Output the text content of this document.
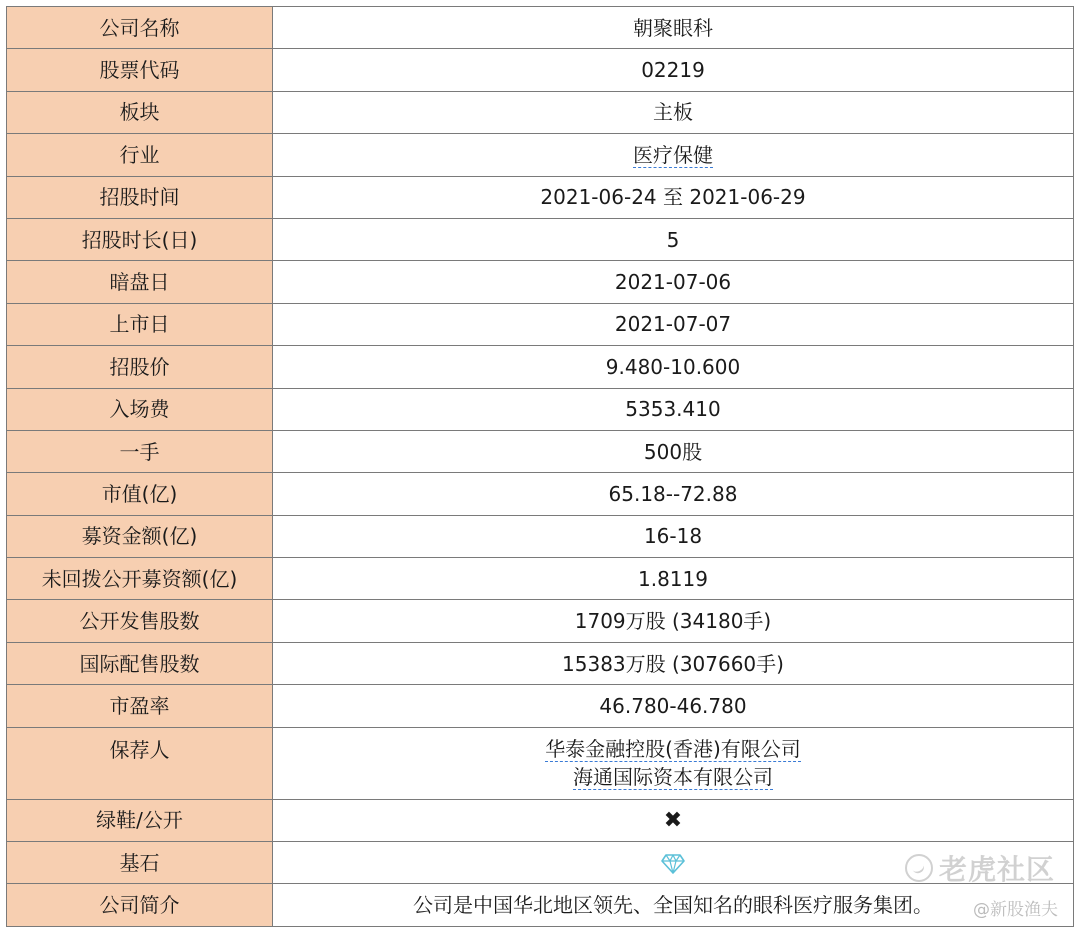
公司名称	朝聚眼科
股票代码	02219
板块	主板
行业	医疗保健
招股时间	2021-06-24 至 2021-06-29
招股时长(日)	5
暗盘日	2021-07-06
上市日	2021-07-07
招股价	9.480-10.600
入场费	5353.410
一手	500股
市值(亿)	65.18--72.88
募资金额(亿)	16-18
未回拨公开募资额(亿)	1.8119
公开发售股数	1709万股 (34180手)
国际配售股数	15383万股 (307660手)
市盈率	46.780-46.780
保荐人	华泰金融控股(香港)有限公司
海通国际资本有限公司

绿鞋/公开	✖
基石	
公司简介	公司是中国华北地区领先、全国知名的眼科医疗服务集团。
老虎社区
@新股渔夫
